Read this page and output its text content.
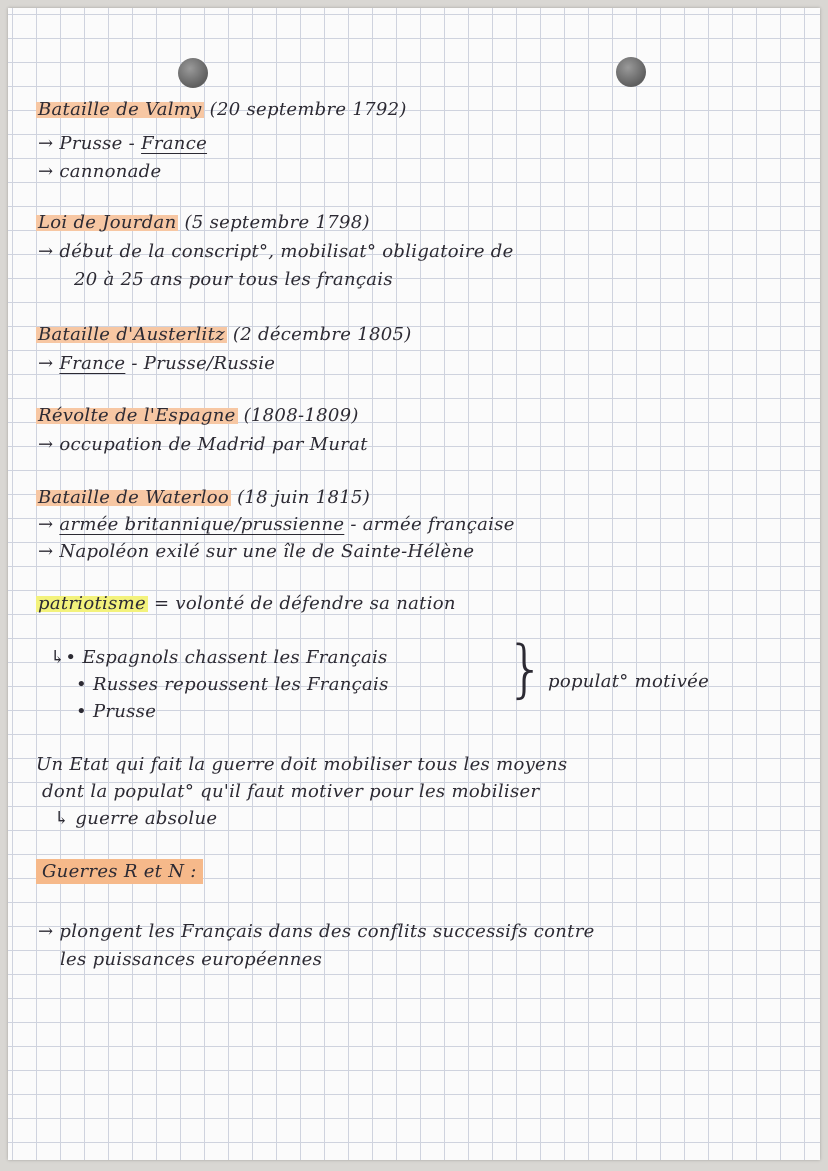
Bataille de Valmy (20 septembre 1792)
→ Prusse - France
→ cannonade
Loi de Jourdan (5 septembre 1798)
→ début de la conscript°, mobilisat° obligatoire de
20 à 25 ans pour tous les français
Bataille d'Austerlitz (2 décembre 1805)
→ France - Prusse/Russie
Révolte de l'Espagne (1808-1809)
→ occupation de Madrid par Murat
Bataille de Waterloo (18 juin 1815)
→ armée britannique/prussienne - armée française
→ Napoléon exilé sur une île de Sainte-Hélène
patriotisme = volonté de défendre sa nation
↳• Espagnols chassent les Français
• Russes repoussent les Français
• Prusse
} populat° motivée
Un Etat qui fait la guerre doit mobiliser tous les moyens
dont la populat° qu'il faut motiver pour les mobiliser
↳ guerre absolue
Guerres R et N :
→ plongent les Français dans des conflits successifs contre
les puissances européennes
